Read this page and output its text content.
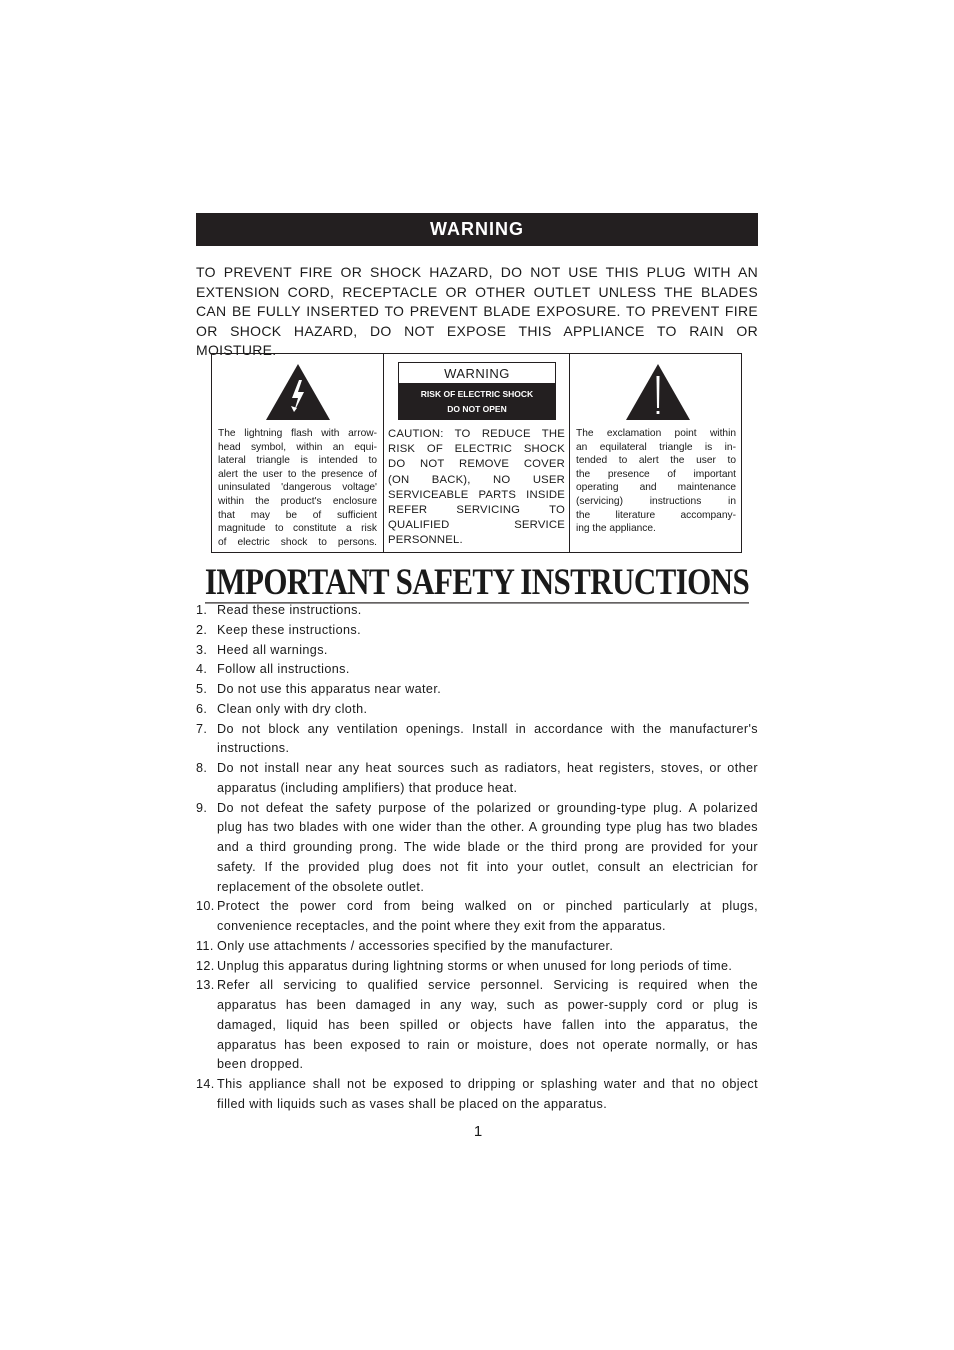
WARNING
TO PREVENT FIRE OR SHOCK HAZARD, DO NOT USE THIS PLUG WITH AN
EXTENSION CORD, RECEPTACLE OR OTHER OUTLET UNLESS THE BLADES
CAN BE FULLY INSERTED TO PREVENT BLADE EXPOSURE. TO PREVENT FIRE
OR SHOCK HAZARD, DO NOT EXPOSE THIS APPLIANCE TO RAIN OR MOISTURE.
The lightning flash with arrow-
head symbol, within an equi-
lateral triangle is intended to
alert the user to the presence of
uninsulated 'dangerous voltage'
within the product's enclosure
that may be of sufficient
magnitude to constitute a risk
of electric shock to persons.
WARNING
RISK OF ELECTRIC SHOCK
DO NOT OPEN
CAUTION: TO REDUCE THE
RISK OF ELECTRIC SHOCK
DO NOT REMOVE COVER
(ON BACK), NO USER
SERVICEABLE PARTS INSIDE
REFER SERVICING TO
QUALIFIED SERVICE
PERSONNEL.
The exclamation point within
an equilateral triangle is in-
tended to alert the user to
the presence of important
operating and maintenance
(servicing) instructions in
the literature accompany-
ing the appliance.
IMPORTANT SAFETY INSTRUCTIONS
1. Read these instructions.
2. Keep these instructions.
3. Heed all warnings.
4. Follow all instructions.
5. Do not use this apparatus near water.
6. Clean only with dry cloth.
7. Do not block any ventilation openings. Install in accordance with the manufacturer's
instructions.
8. Do not install near any heat sources such as radiators, heat registers, stoves, or other
apparatus (including amplifiers) that produce heat.
9. Do not defeat the safety purpose of the polarized or grounding-type plug. A polarized
plug has two blades with one wider than the other. A grounding type plug has two blades
and a third grounding prong. The wide blade or the third prong are provided for your
safety. If the provided plug does not fit into your outlet, consult an electrician for
replacement of the obsolete outlet.
10. Protect the power cord from being walked on or pinched particularly at plugs,
convenience receptacles, and the point where they exit from the apparatus.
11. Only use attachments / accessories specified by the manufacturer.
12. Unplug this apparatus during lightning storms or when unused for long periods of time.
13. Refer all servicing to qualified service personnel. Servicing is required when the
apparatus has been damaged in any way, such as power-supply cord or plug is
damaged, liquid has been spilled or objects have fallen into the apparatus, the
apparatus has been exposed to rain or moisture, does not operate normally, or has
been dropped.
14. This appliance shall not be exposed to dripping or splashing water and that no object
filled with liquids such as vases shall be placed on the apparatus.
1
